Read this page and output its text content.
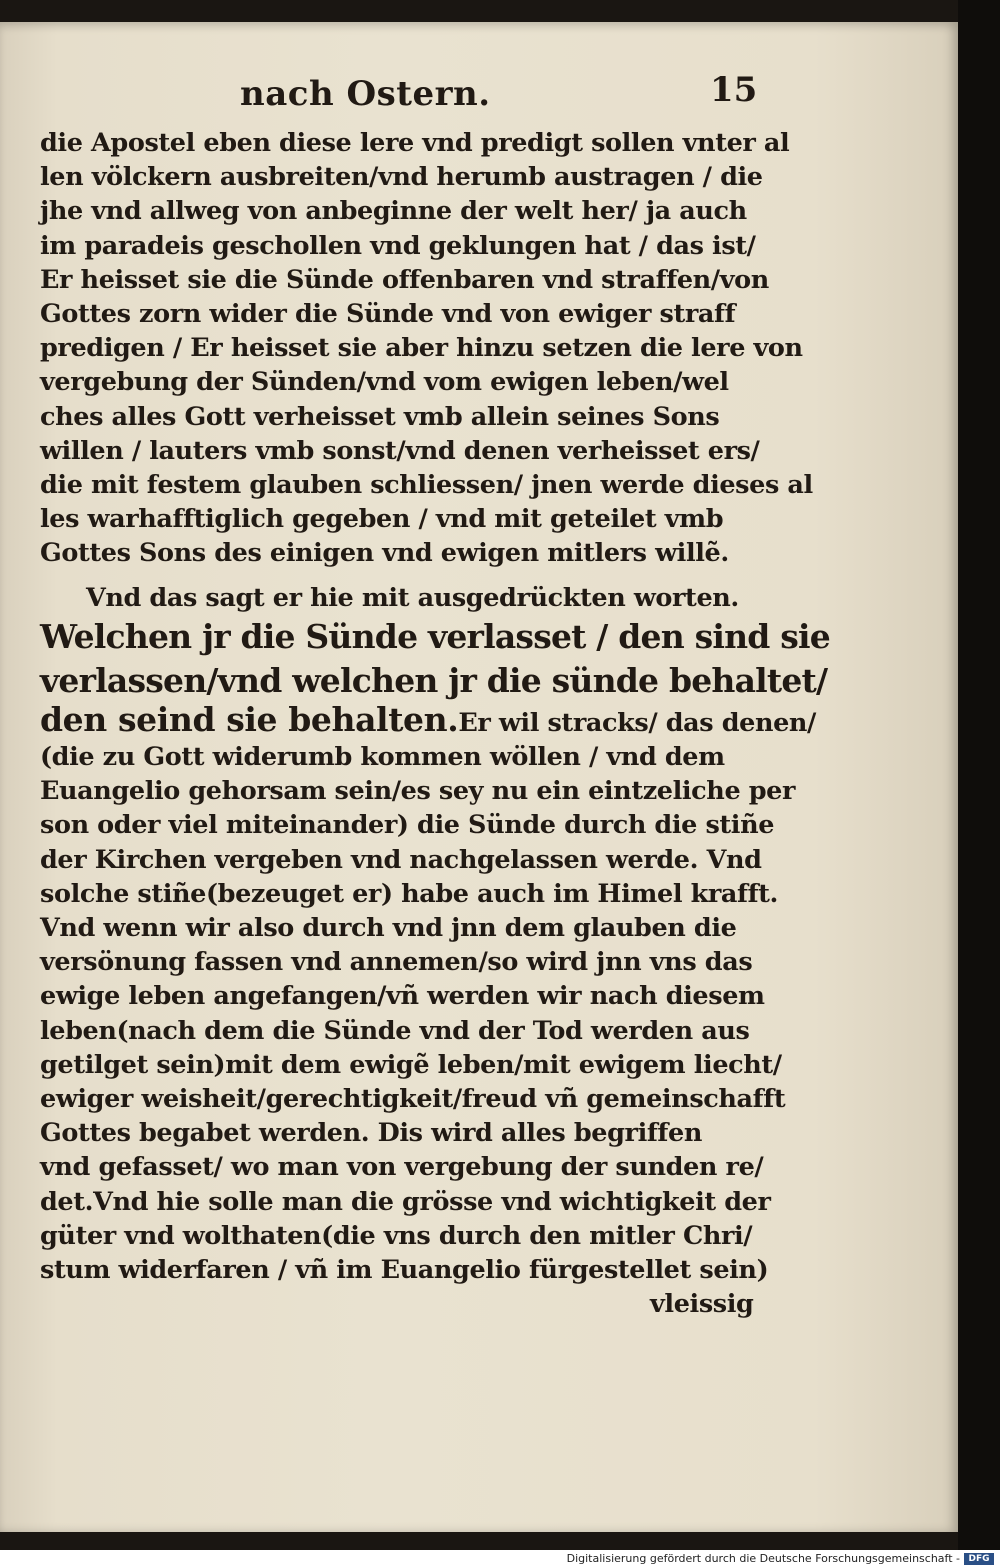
nach Ostern.	15
die Apostel eben diese lere vnd predigt sollen vnter al
len völckern ausbreiten/vnd herumb austragen / die
jhe vnd allweg von anbeginne der welt her/ ja auch
im paradeis geschollen vnd geklungen hat / das ist/
Er heisset sie die Sünde offenbaren vnd straffen/von
Gottes zorn wider die Sünde vnd von ewiger straff
predigen / Er heisset sie aber hinzu setzen die lere von
vergebung der Sünden/vnd vom ewigen leben/wel
ches alles Gott verheisset vmb allein seines Sons
willen / lauters vmb sonst/vnd denen verheisset ers/
die mit festem glauben schliessen/ jnen werde dieses al
les warhafftiglich gegeben / vnd mit geteilet vmb
Gottes Sons des einigen vnd ewigen mitlers willẽ.
Vnd das sagt er hie mit ausgedrückten worten.
Welchen jr die Sünde verlasset / den sind sie
verlassen/vnd welchen jr die sünde behaltet/
den seind sie behalten.Er wil stracks/ das denen/
(die zu Gott widerumb kommen wöllen / vnd dem
Euangelio gehorsam sein/es sey nu ein eintzeliche per
son oder viel miteinander) die Sünde durch die stiñe
der Kirchen vergeben vnd nachgelassen werde. Vnd
solche stiñe(bezeuget er) habe auch im Himel krafft.
Vnd wenn wir also durch vnd jnn dem glauben die
versönung fassen vnd annemen/so wird jnn vns das
ewige leben angefangen/vñ werden wir nach diesem
leben(nach dem die Sünde vnd der Tod werden aus
getilget sein)mit dem ewigẽ leben/mit ewigem liecht/
ewiger weisheit/gerechtigkeit/freud vñ gemeinschafft
Gottes begabet werden. Dis wird alles begriffen
vnd gefasset/ wo man von vergebung der sunden re/
det.Vnd hie solle man die grösse vnd wichtigkeit der
güter vnd wolthaten(die vns durch den mitler Chri/
stum widerfaren / vñ im Euangelio fürgestellet sein)
vleissig
Digitalisierung gefördert durch die Deutsche Forschungsgemeinschaft - DFG
